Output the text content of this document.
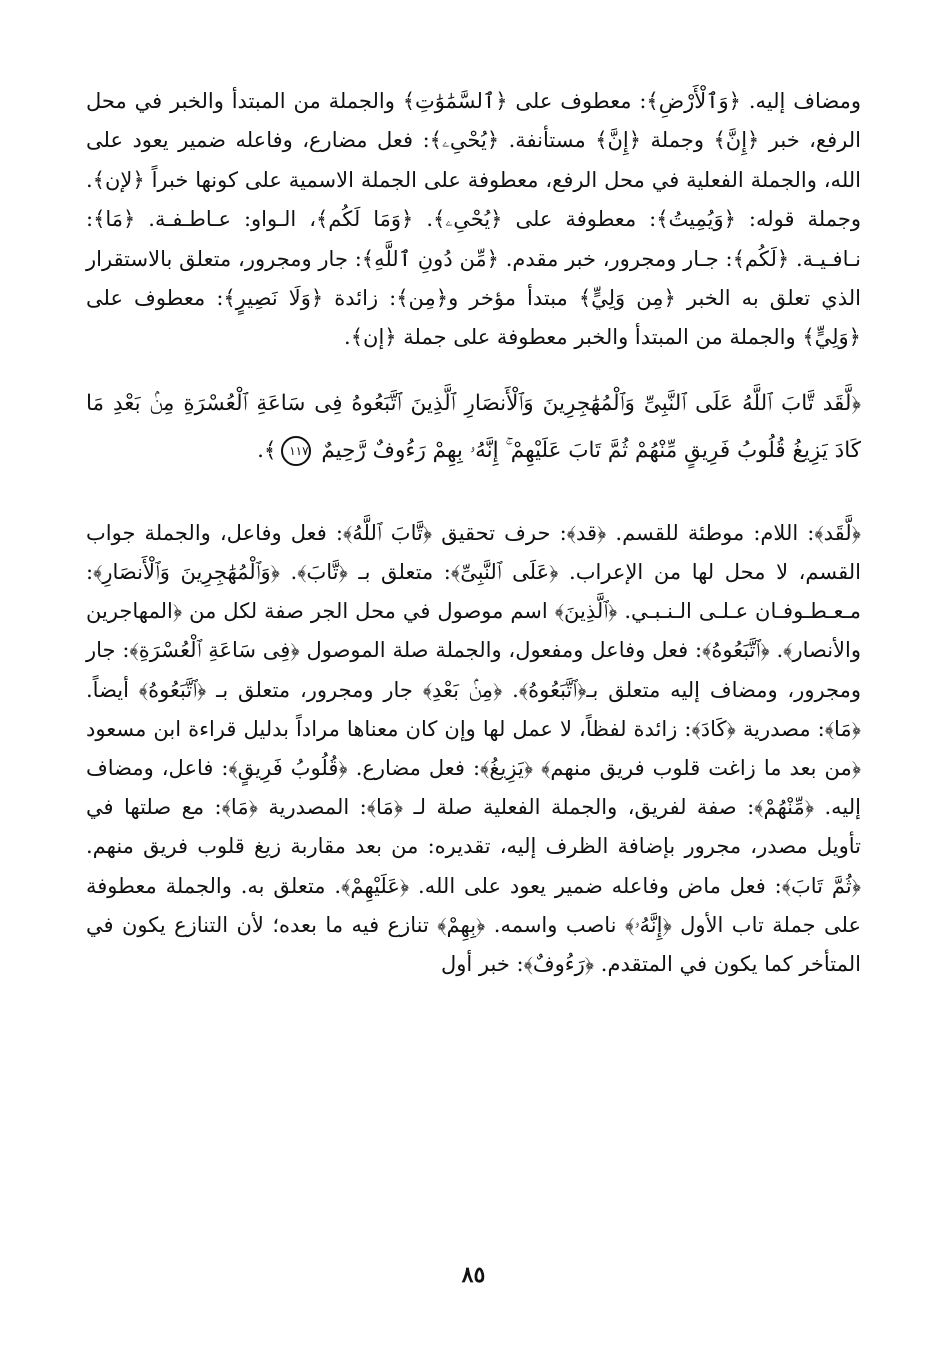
ومضاف إليه. ﴿وَٱلْأَرْضِ﴾: معطوف على ﴿ٱلسَّمَٰوَٰتِ﴾ والجملة من المبتدأ والخبر في محل الرفع، خبر ﴿إِنَّ﴾ وجملة ﴿إِنَّ﴾ مستأنفة. ﴿يُحْىِۦ﴾: فعل مضارع، وفاعله ضمير يعود على الله، والجملة الفعلية في محل الرفع، معطوفة على الجملة الاسمية على كونها خبراً ﴿لإن﴾. وجملة قوله: ﴿وَيُمِيتُ﴾: معطوفة على ﴿يُحْىِۦ﴾. ﴿وَمَا لَكُم﴾، الـواو: عـاطـفـة. ﴿مَا﴾: نـافـيـة. ﴿لَكُم﴾: جـار ومجرور، خبر مقدم. ﴿مِّن دُونِ ٱللَّهِ﴾: جار ومجرور، متعلق بالاستقرار الذي تعلق به الخبر ﴿مِن وَلِيٍّ﴾ مبتدأ مؤخر و﴿مِن﴾: زائدة ﴿وَلَا نَصِيرٍ﴾: معطوف على ﴿وَلِيٍّ﴾ والجملة من المبتدأ والخبر معطوفة على جملة ﴿إن﴾.

﴿لَّقَد تَّابَ ٱللَّهُ عَلَى ٱلنَّبِىِّ وَٱلْمُهَٰجِرِينَ وَٱلْأَنصَارِ ٱلَّذِينَ ٱتَّبَعُوهُ فِى سَاعَةِ ٱلْعُسْرَةِ مِنۢ بَعْدِ مَا كَادَ يَزِيغُ قُلُوبُ فَرِيقٍ مِّنْهُمْ ثُمَّ تَابَ عَلَيْهِمْ ۚ إِنَّهُۥ بِهِمْ رَءُوفٌ رَّحِيمٌ ١١٧﴾.

﴿لَّقَد﴾: اللام: موطئة للقسم. ﴿قد﴾: حرف تحقيق ﴿تَّابَ ٱللَّهُ﴾: فعل وفاعل، والجملة جواب القسم، لا محل لها من الإعراب. ﴿عَلَى ٱلنَّبِىِّ﴾: متعلق بـ ﴿تَّابَ﴾. ﴿وَٱلْمُهَٰجِرِينَ وَٱلْأَنصَارِ﴾: مـعـطـوفـان عـلـى الـنـبـي. ﴿ٱلَّذِينَ﴾ اسم موصول في محل الجر صفة لكل من ﴿المهاجرين والأنصار﴾. ﴿ٱتَّبَعُوهُ﴾: فعل وفاعل ومفعول، والجملة صلة الموصول ﴿فِى سَاعَةِ ٱلْعُسْرَةِ﴾: جار ومجرور، ومضاف إليه متعلق بـ﴿ٱتَّبَعُوهُ﴾. ﴿مِنۢ بَعْدِ﴾ جار ومجرور، متعلق بـ ﴿ٱتَّبَعُوهُ﴾ أيضاً. ﴿مَا﴾: مصدرية ﴿كَادَ﴾: زائدة لفظاً، لا عمل لها وإن كان معناها مراداً بدليل قراءة ابن مسعود ﴿من بعد ما زاغت قلوب فريق منهم﴾ ﴿يَزِيغُ﴾: فعل مضارع. ﴿قُلُوبُ فَرِيقٍ﴾: فاعل، ومضاف إليه. ﴿مِّنْهُمْ﴾: صفة لفريق، والجملة الفعلية صلة لـ ﴿مَا﴾: المصدرية ﴿مَا﴾: مع صلتها في تأويل مصدر، مجرور بإضافة الظرف إليه، تقديره: من بعد مقاربة زيغ قلوب فريق منهم. ﴿ثُمَّ تَابَ﴾: فعل ماض وفاعله ضمير يعود على الله. ﴿عَلَيْهِمْ﴾. متعلق به. والجملة معطوفة على جملة تاب الأول ﴿إِنَّهُۥ﴾ ناصب واسمه. ﴿بِهِمْ﴾ تنازع فيه ما بعده؛ لأن التنازع يكون في المتأخر كما يكون في المتقدم. ﴿رَءُوفٌ﴾: خبر أول

٨٥
